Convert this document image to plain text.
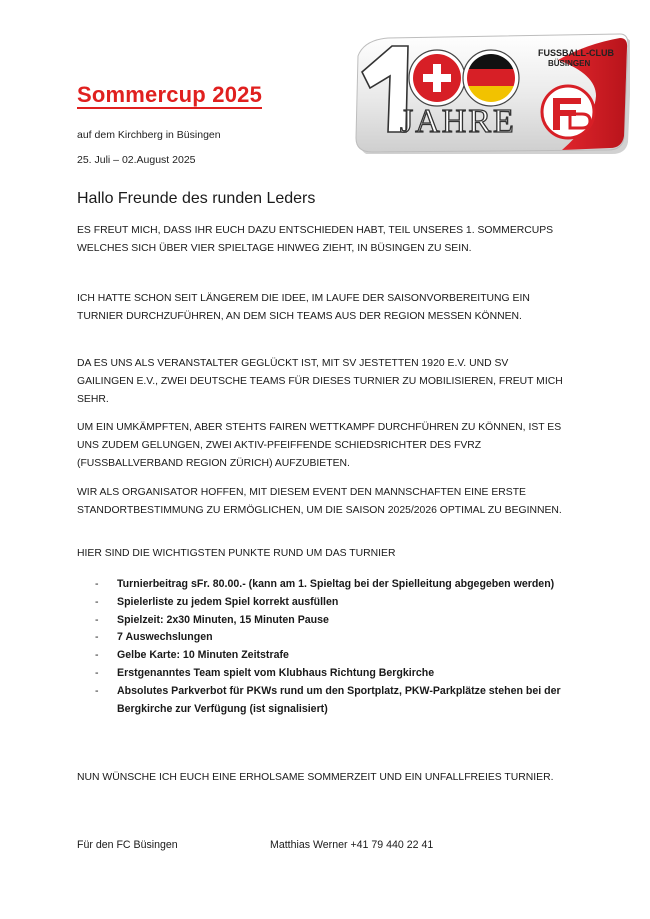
Sommercup 2025
auf dem Kirchberg in Büsingen
25. Juli – 02.August 2025
FUSSBALL-CLUB
BÜSINGEN
JAHRE
Hallo Freunde des runden Leders

ES FREUT MICH, DASS IHR EUCH DAZU ENTSCHIEDEN HABT, TEIL UNSERES 1. SOMMERCUPS WELCHES SICH ÜBER VIER SPIELTAGE HINWEG ZIEHT, IN BÜSINGEN ZU SEIN.

ICH HATTE SCHON SEIT LÄNGEREM DIE IDEE, IM LAUFE DER SAISONVORBEREITUNG EIN TURNIER DURCHZUFÜHREN, AN DEM SICH TEAMS AUS DER REGION MESSEN KÖNNEN.

DA ES UNS ALS VERANSTALTER GEGLÜCKT IST, MIT SV JESTETTEN 1920 E.V. UND SV GAILINGEN E.V., ZWEI DEUTSCHE TEAMS FÜR DIESES TURNIER ZU MOBILISIEREN, FREUT MICH SEHR.

UM EIN UMKÄMPFTEN, ABER STEHTS FAIREN WETTKAMPF DURCHFÜHREN ZU KÖNNEN, IST ES UNS ZUDEM GELUNGEN, ZWEI AKTIV-PFEIFFENDE SCHIEDSRICHTER DES FVRZ (FUSSBALLVERBAND REGION ZÜRICH) AUFZUBIETEN.

WIR ALS ORGANISATOR HOFFEN, MIT DIESEM EVENT DEN MANNSCHAFTEN EINE ERSTE STANDORTBESTIMMUNG ZU ERMÖGLICHEN, UM DIE SAISON 2025/2026 OPTIMAL ZU BEGINNEN.

HIER SIND DIE WICHTIGSTEN PUNKTE RUND UM DAS TURNIER

- Turnierbeitrag sFr. 80.00.- (kann am 1. Spieltag bei der Spielleitung abgegeben werden)
- Spielerliste zu jedem Spiel korrekt ausfüllen
- Spielzeit: 2x30 Minuten, 15 Minuten Pause
- 7 Auswechslungen
- Gelbe Karte: 10 Minuten Zeitstrafe
- Erstgenanntes Team spielt vom Klubhaus Richtung Bergkirche
- Absolutes Parkverbot für PKWs rund um den Sportplatz, PKW-Parkplätze stehen bei der Bergkirche zur Verfügung (ist signalisiert)

NUN WÜNSCHE ICH EUCH EINE ERHOLSAME SOMMERZEIT UND EIN UNFALLFREIES TURNIER.

Für den FC Büsingen	Matthias Werner +41 79 440 22 41
